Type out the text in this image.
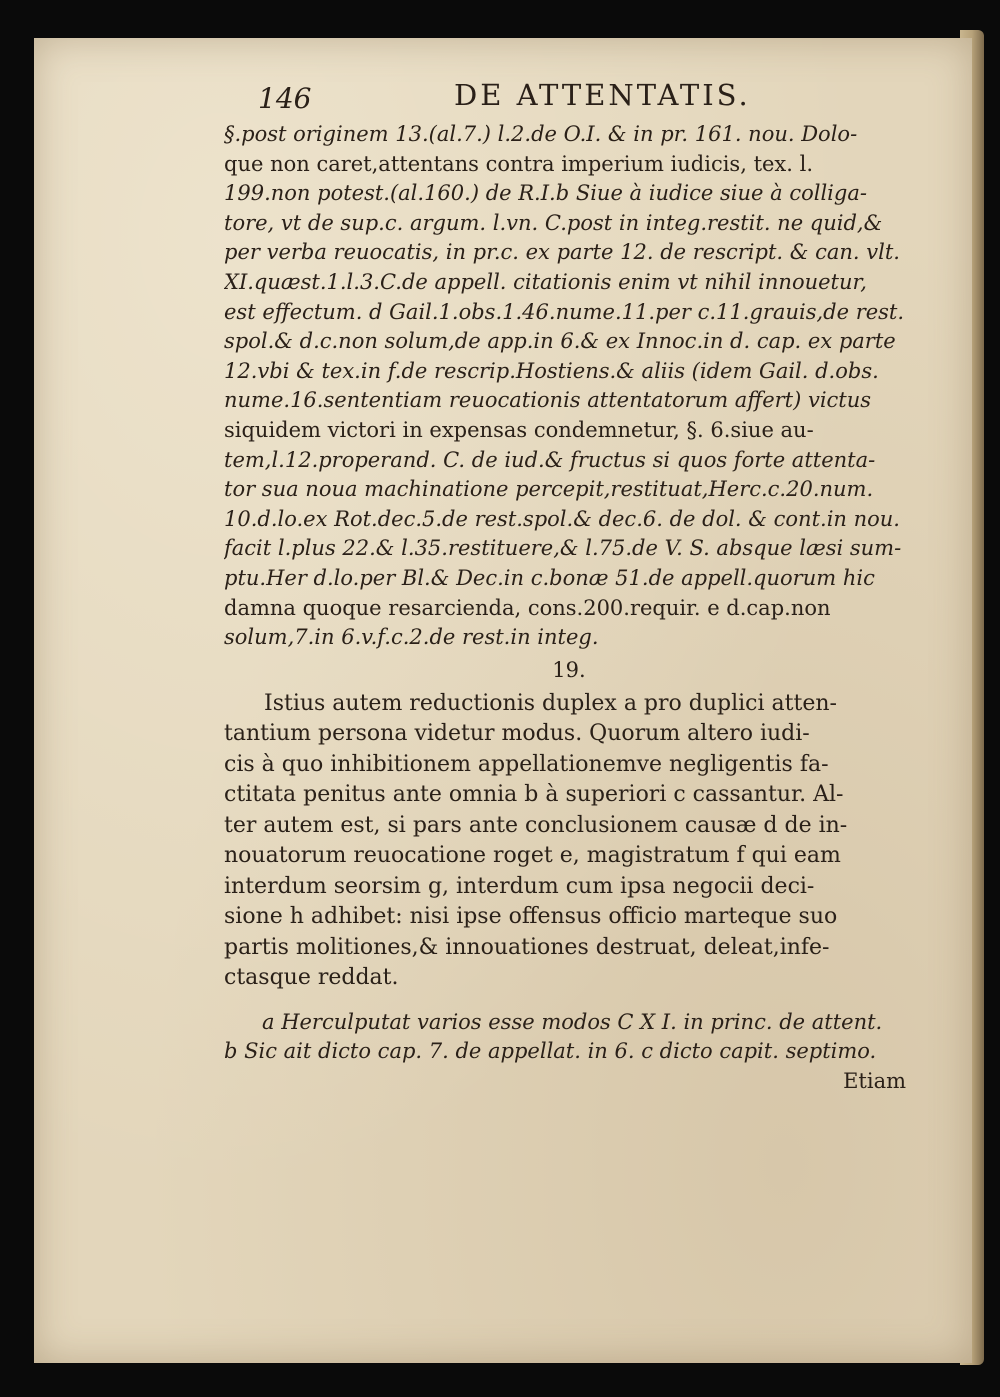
146	DE ATTENTATIS.
§.post originem 13.(al.7.) l.2.de O.I. & in pr. 161. nou. Dolo-
que non caret,attentans contra imperium iudicis, tex. l.
199.non potest.(al.160.) de R.I.b Siue à iudice siue à colliga-
tore, vt de sup.c. argum. l.vn. C.post in integ.restit. ne quid,&
per verba reuocatis, in pr.c. ex parte 12. de rescript. & can. vlt.
XI.quæst.1.l.3.C.de appell. citationis enim vt nihil innouetur,
est effectum. d Gail.1.obs.1.46.nume.11.per c.11.grauis,de rest.
spol.& d.c.non solum,de app.in 6.& ex Innoc.in d. cap. ex parte
12.vbi & tex.in f.de rescrip.Hostiens.& aliis (idem Gail. d.obs.
nume.16.sententiam reuocationis attentatorum affert) victus
siquidem victori in expensas condemnetur, §. 6.siue au-
tem,l.12.properand. C. de iud.& fructus si quos forte attenta-
tor sua noua machinatione percepit,restituat,Herc.c.20.num.
10.d.lo.ex Rot.dec.5.de rest.spol.& dec.6. de dol. & cont.in nou.
facit l.plus 22.& l.35.restituere,& l.75.de V. S. absque læsi sum-
ptu.Her d.lo.per Bl.& Dec.in c.bonæ 51.de appell.quorum hic
damna quoque resarcienda, cons.200.requir. e d.cap.non
solum,7.in 6.v.f.c.2.de rest.in integ.
19.
Istius autem reductionis duplex a pro duplici atten-
tantium persona videtur modus. Quorum altero iudi-
cis à quo inhibitionem appellationemve negligentis fa-
ctitata penitus ante omnia b à superiori c cassantur. Al-
ter autem est, si pars ante conclusionem causæ d de in-
nouatorum reuocatione roget e, magistratum f qui eam
interdum seorsim g, interdum cum ipsa negocii deci-
sione h adhibet: nisi ipse offensus officio marteque suo
partis molitiones,& innouationes destruat, deleat,infe-
ctasque reddat.
a Herculputat varios esse modos C X I. in princ. de attent.
b Sic ait dicto cap. 7. de appellat. in 6. c dicto capit. septimo.
Etiam
